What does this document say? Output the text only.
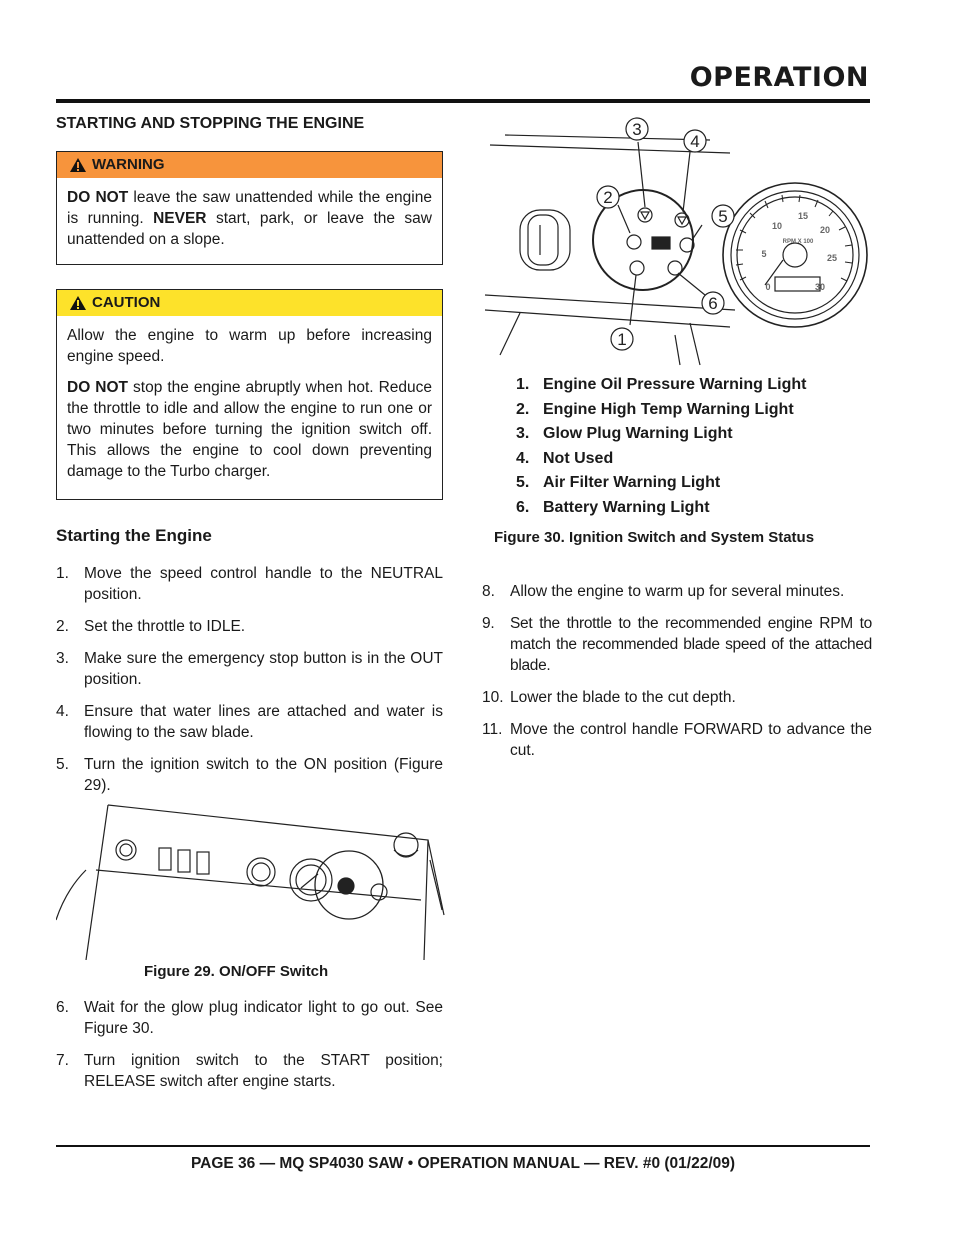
OPERATION
STARTING AND STOPPING THE ENGINE
WARNING

DO NOT leave the saw unattended while the engine is running. NEVER start, park, or leave the saw unattended on a slope.

CAUTION

Allow the engine to warm up before increasing engine speed.

DO NOT stop the engine abruptly when hot. Reduce the throttle to idle and allow the engine to run one or two minutes before turning the ignition switch off. This allows the engine to cool down preventing damage to the Turbo charger.

Starting the Engine
1. Move the speed control handle to the NEUTRAL position.
2. Set the throttle to IDLE.
3. Make sure the emergency stop button is in the OUT position.
4. Ensure that water lines are attached and water is flowing to the saw blade.
5. Turn the ignition switch to the ON position (Figure 29).
Figure 29. ON/OFF Switch
6. Wait for the glow plug indicator light to go out. See Figure 30.
7. Turn ignition switch to the START position; RELEASE switch after engine starts.
3
4
2
5
6
1
0
5
10
15
20
25
30
RPM X 100
1. Engine Oil Pressure Warning Light
2. Engine High Temp Warning Light
3. Glow Plug Warning Light
4. Not Used
5. Air Filter Warning Light
6. Battery Warning Light
Figure 30. Ignition Switch and System Status
8. Allow the engine to warm up for several minutes.
9.	Set the throttle to the recommended engine RPM to match the recommended blade speed of the attached blade.
10. Lower the blade to the cut depth.
11. Move the control handle FORWARD to advance the cut.
PAGE 36 — MQ SP4030 SAW • OPERATION MANUAL — REV. #0 (01/22/09)
